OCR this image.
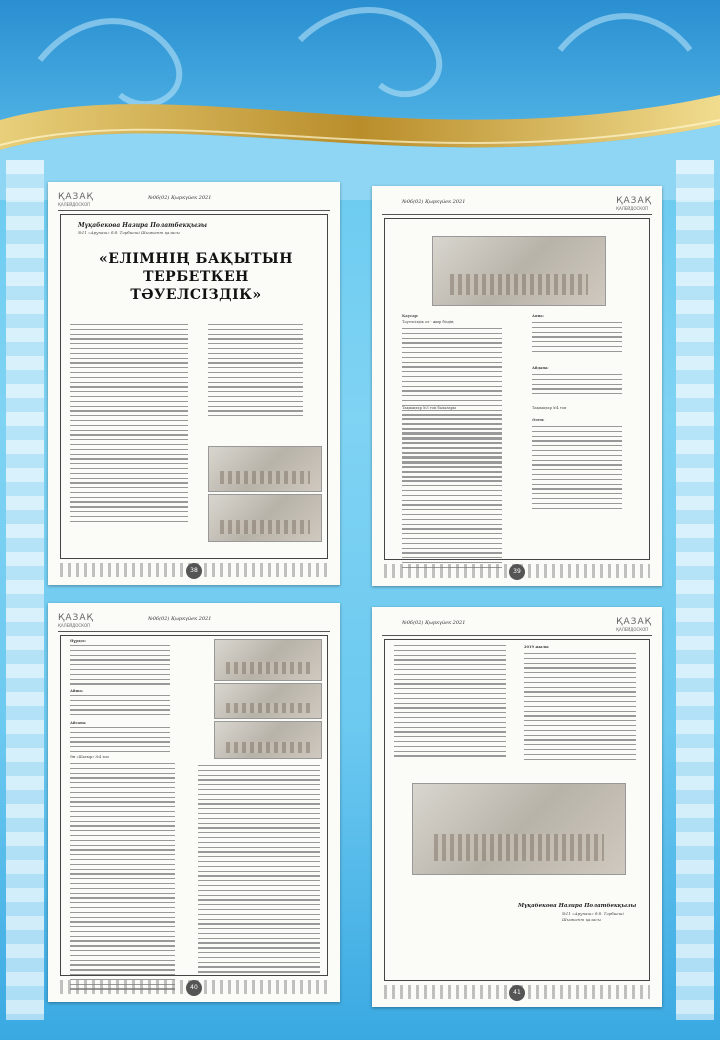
ҚАЗАҚ
ҚАЛЕЙДОСКОП
№06(02) Қыркүйек 2021
Мұқабекова Назира Полатбекқызы
№11 «Арупаш» б.б. Тәрбиеші Шымкент қаласы
«ЕЛІМНІҢ БАҚЫТЫН
ТЕРБЕТКЕН
ТӘУЕЛСІЗДІК»
38
№06(02) Қыркүйек 2021	ҚАЗАҚ
ҚАЛЕЙДОСКОП
Қаусар:
Тәуелсіздік ол - жыр біздің
Тақпақтар №3 топ балалары
Аяна:
Айдана:
Тақпақтар №4 топ
Әлем:
39
ҚАЗАҚ
ҚАЛЕЙДОСКОП
№06(02) Қыркүйек 2021
Нұрдос:
Айша:
Айсана:
Ән «Шатыр» №4 топ
40
№06(02) Қыркүйек 2021	ҚАЗАҚ
ҚАЛЕЙДОСКОП
2019 жылы
Мұқабекова Назира Полатбекқызы
№11 «Арупаш» б.б. Тәрбиеші Шымкент қаласы
41
